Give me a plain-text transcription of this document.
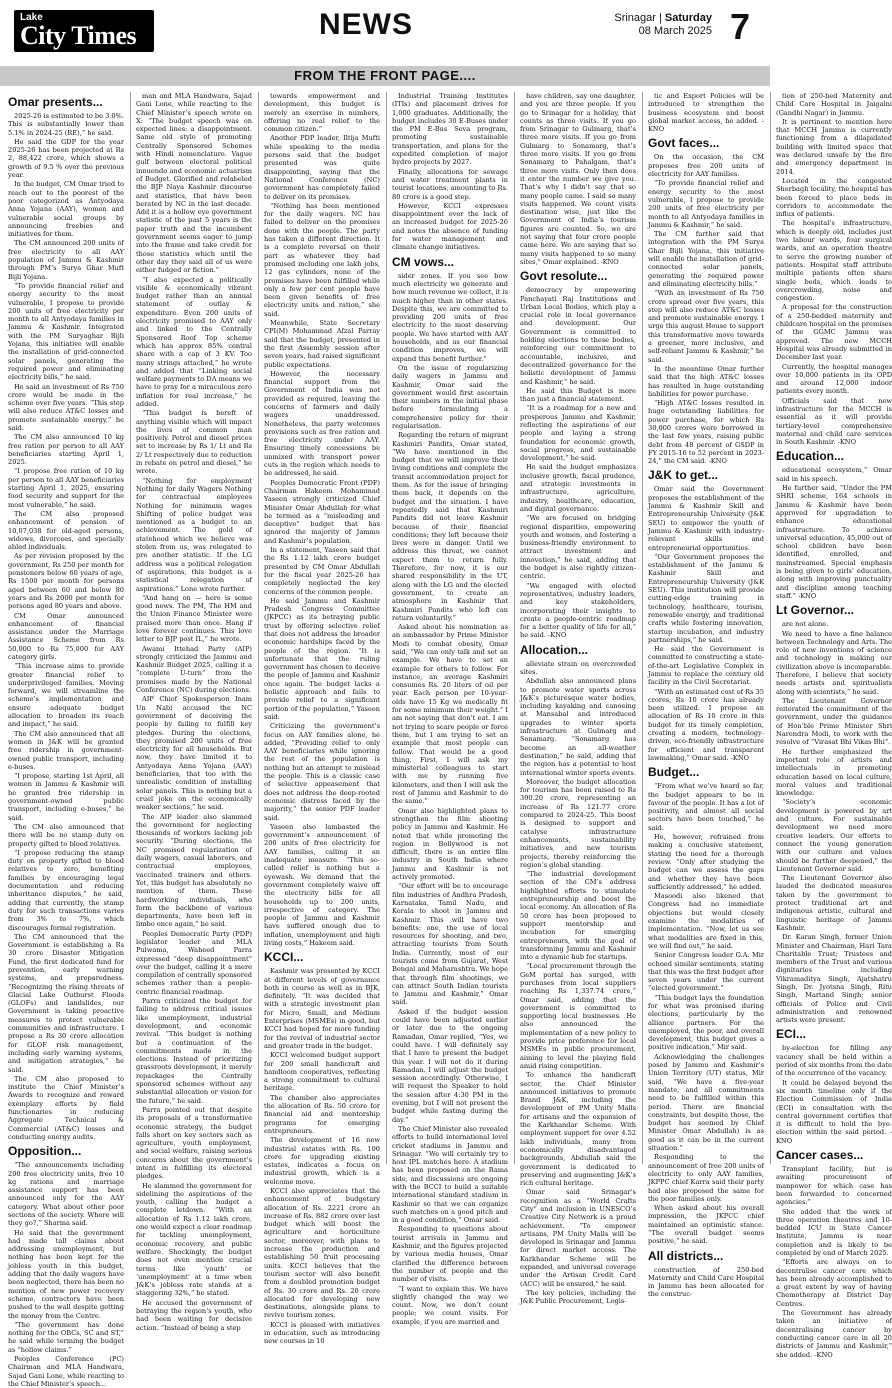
Lake
City Times	NEWS	Srinagar | Saturday
08 March 2025 7
FROM THE FRONT PAGE....
Omar presents...

2025-26 is estimated to be 3.0%. This is substantially lower than 5.1% in 2024-25 (RE),” he said.

He said the GDP for the year 2025-26 has been projected at Rs 2, 88,422 crore, which shows a growth of 9.5 % over the previous year.

In the budget, CM Omar tried to reach out to the poorest of the poor categorized as Antyodaya Anna Yojana (AAY), women and vulnerable social groups by announcing freebies and initiatives for them.

The CM announced 200 units of free electricity to all AAY population of Jammu & Kashmir through PM’s Surya Ghar Muft Bijli Yojana.

“To provide financial relief and energy security to the most vulnerable, I propose to provide 200 units of free electricity per month to all Antyodaya families in Jammu & Kashmir. Integrated with the PM Suryaghar Bijli Yojana, this initiative will enable the installation of grid-connected solar panels, generating the required power and eliminating electricity bills,” he said.

He said an investment of Rs 750 crore would be made in the scheme over five years. “This step will also reduce AT&C losses and promote sustainable energy,” he said.

The CM also announced 10 kg free ration per person to all AAY beneficiaries starting April 1, 2025.

“I propose free ration of 10 kg per person to all AAY beneficiaries starting April 1, 2025, ensuring food security and support for the most vulnerable,” he said.

The CM also proposed enhancement of pension of 10,07,038 for old-aged persons, widows, divorcees, and specially abled individuals.

As per revision proposed by the government, Rs 250 per month for pensioners below 60 years of age, Rs 1500 per month for persons aged between 60 and below 80 years and Rs 2000 per month for persons aged 80 years and above.

CM Omar announced enhancement of financial assistance under the Marriage Assistance Scheme from Rs 50,000 to Rs 75,000 for AAY category girls.

“This increase aims to provide greater financial relief to underprivileged families. Moving forward, we will streamline the scheme’s implementation and ensure adequate budget allocation to broaden its reach and impact,” he said.

The CM also announced that all women in J&K will be granted free ridership in government-owned public transport, including e-buses.

“I propose, starting 1st April, all women in Jammu & Kashmir will be granted free ridership in government-owned public transport, including e-buses,” he said.

The CM also announced that there will be no stamp duty on property gifted to blood relatives.

“I propose reducing the stamp duty on property gifted to blood relatives to zero, benefiting families by encouraging legal documentation and reducing inheritance disputes,” he said, adding that currently, the stamp duty for such transactions varies from 3% to 7%, which discourages formal registration.

The CM announced that the Government is establishing a Rs 30 crore Disaster Mitigation Fund, the first dedicated fund for prevention, early warning systems, and preparedness. “Recognizing the rising threats of Glacial Lake Outburst Floods (GLOFs) and landslides, our Government is taking proactive measures to protect vulnerable communities and infrastructure. I propose a Rs 30 crore allocation for GLOF risk management, including early warning systems, and mitigation strategies,” he said.

The CM also proposed to institute the Chief Minister’s Awards to recognize and reward exemplary efforts by field functionaries in reducing Aggregate Technical & Commercial (AT&C) losses and conducting energy audits.

Opposition...

“The announcements including 200 free electricity units, free 10 kg rations and marriage assistance support has been announced only for the AAY category. What about other poor sections of the society. Where will they go?,” Sharma said.

He said that the government had made tall claims about addressing unemployment, but nothing has been kept for the jobless youth in this budget, adding that the daily wagers have been neglected, there has been no mention of new power recovery scheme, contractors have been pushed to the wall despite getting the money from the Centre.

“The government has done nothing for the OBCs, SC and ST,” he said while terming the budget as “hollow claims.”

Peoples Conference (PC) Chairman and MLA Handwara, Sajad Gani Lone, while reacting to the Chief Minister’s speech...

man and MLA Handwara, Sajad Gani Lone, while reacting to the Chief Minister’s speech wrote on X: “The budget speech was on expected lines: a disappointment. Same old style of promoting Centrally Sponsored Schemes with Hindi nomenclature. Vague gulf between electoral political innuendo and economic actuarism of Budget. Glorified and relabeled the BJP Naya Kashmir discourse and statistics, that have been berated by NC in the last decade. Add it is a hollow eye government statistic of the past 5 years is the paper truth and the incumbent government seems eager to jump into the frame and take credit for those statistics which until the other day they said all of us were either fudged or fiction.”

“I also expected a politically visible & economically vibrant budget rather than an annual statement of outlay & expenditure. Even 200 units of electricity promised to AAY only and linked to the Centrally Sponsored Roof Top scheme which has approx 85% central share with a cap of 3 KV. Too many strings attached,” he wrote and added that “Linking social welfare payments to DA means we have to pray for a miraculous zero inflation for real increase,” he added.

“This budget is bereft of anything visible which will impact the lives of common man positively. Petrol and diesel prices set to increase by Rs 1/ Lt and Rs 2/ Lt respectively due to reduction in rebate on petrol and diesel,” he wrote.

“Nothing for employment Nothing for daily Wagers Nothing for contractual employees Nothing for minimum wages Shifting of police budget was mentioned as a budget to an achievement. The gold of statehood which we believe was stolen from us, was relegated to pre another statistic. If the LG address was a political relegation of aspirations, this budget is a statistical relegation of aspirations.” Lone wrote further.

“And hang on — here is some good news. The PM, The HM and the Union Finance Minister were praised more than once. Hang if love forever continues. This love letter to BJP post IL,” he wrote.

Awami Ittehad Party (AIP) strongly criticized the Jammu and Kashmir Budget 2025, calling it a “complete U-turn” from the promises made by the National Conference (NC) during elections.

AIP Chief Spokesperson Inam Un Nabi accused the NC government of deceiving the people by failing to fulfill key pledges. During the elections, they promised 200 units of free electricity for all households. But now, they have limited it to Antyodaya Anna Yojana (AAY) beneficiaries, that too with the unrealistic condition of installing solar panels. This is nothing but a cruel joke on the economically weaker sections,” he said.

The AIP leader also slammed the government for neglecting thousands of workers lacking job security. “During elections, the NC promised regularization of daily wagers, casual laborers, and contractual employees, vaccinated trainers and others. Yet, this budget has absolutely no mention of them. These hardworking individuals, who form the backbone of various departments, have been left in limbo once again,” he said.

Peoples Democratic Party (PDP) legislator leader and MLA Pulwama, Waheed Parra expressed “deep disappointment” over the budget, calling it a mere compilation of centrally sponsored schemes rather than a people-centric financial roadmap.

Parra criticized the budget for failing to address critical issues like unemployment, industrial development, and economic revival. “This budget is nothing but a continuation of the commitments made in the elections. Instead of prioritizing grassroots development, it merely repackages the Centrally sponsored schemes without any substantial allocation or vision for the future,” he said.

Parra pointed out that despite its proposals of a transformative economic strategy, the budget falls short on key sectors such as agriculture, youth employment, and social welfare, raising serious concerns about the government’s intent in fulfilling its electoral pledges.

He slammed the government for sidelining the aspirations of the youth, calling the budget a complete letdown. “With an allocation of Rs 1.12 lakh crore, one would expect a clear roadmap for tackling unemployment, economic recovery, and public welfare. Shockingly, the budget does not even mention crucial terms like ‘youth’ or ‘unemployment’ at a time when J&K’s jobless rate stands at a staggering 32%,” he stated.

He accused the government of betraying the region’s youth, who had been waiting for decisive action. “Instead of being a step

towards empowerment and development, this budget is merely an exercise in numbers, offering no real relief to the common citizen.”

Another PDP leader, Iltija Mufti while speaking to the media persons said that the budget presented was quite disappointing, saying that the National Conference (NC) government has completely failed to deliver on its promises.

“Nothing has been mentioned for the daily wagers. NC has failed to deliver on the promises done with the people. The party has taken a different direction. It is a complete reversal on their part as whatever they had promised including one lakh jobs, 12 gas cylinders, none of the promises have been fulfilled while only a few per cent people have been given benefits of free electricity units and ration,” she said.

Meanwhile, State Secretary CPI(M) Mohammad Afzal Parray said that the budget, presented in the first Assembly session after seven years, had raised significant public expectations.

However, the necessary financial support from the Government of India was not provided as required, leaving the concerns of farmers and daily wagers unaddressed. Nonetheless, the party welcomes provisions such as free ration and free electricity under AAY. Ensuring timely concessions be unmixed with transport power cuts in the region which needs to be addressed, he said.

Peoples Democratic Front (PDF) Chairman Hakeem Mohammad Yaseen strongly criticized Chief Minister Omar Abdullah for what he termed as a “misleading and deceptive” budget that has ignored the majority of Jammu and Kashmir’s population.

In a statement, Yaseen said that the Rs 1.12 lakh crore budget presented by CM Omar Abdullah for the fiscal year 2025-26 has completely neglected the key concerns of the common people.

He said Jammu and Kashmir Pradesh Congress Committee (JKPCC) as its betraying public trust by offering selective relief that does not address the broader economic hardships faced by the people of the region. “It is unfortunate that the ruling government has chosen to deceive the people of Jammu and Kashmir once again. The budget lacks a holistic approach and fails to provide relief to a significant portion of the population,” Yaseen said.

Criticizing the government’s focus on AAY families alone, he added, “Providing relief to only AAY beneficiaries while ignoring the rest of the population is nothing but an attempt to mislead the people. This is a classic case of selective appeasement that does not address the deep-rooted economic distress faced by the majority,” the senior PDF leader said.

Yaseen also lambasted the government’s announcement of 200 units of free electricity for AAY families, calling it an inadequate measure. “This so-called relief is nothing but a eyewash. We demand that the government completely waive off the electricity bills for all households up to 200 units, irrespective of category. The people of Jammu and Kashmir have suffered enough due to inflation, unemployment and high living costs,” Hakeem said.

KCCI...

Kashmir was presented by KCCI at different levels of governance both in course as well as in BJK, definitely. “It was decided that with a strategic investment plan for Micro, Small, and Medium Enterprises (MSMEs) in good, but KCCI had hoped for more funding for the revival of industrial sector and greater trade in the budget.

KCCI welcomed budget support for 200 small handicraft and handloom cooperatives, reflecting a strong commitment to cultural heritage.

The chamber also appreciates the allocation of Rs. 50 crore for financial aid and mentorship programs for emerging entrepreneurs.

The development of 16 new industrial estates with Rs. 100 crore for upgrading existing estates, indicates a focus on industrial growth, which is a welcome move.

KCCI also appreciates that the enhancement of budgetary allocation of Rs. 2221 crore an increase of Rs. 882 crore over last budget which will boost the agriculture and horticulture sector, moreover, with plans to increase the production and establishing 50 fruit processing units. KCCI believes that the tourism sector will also benefit from a doubled promotion budget of Rs. 30 crore and Rs. 20 crore allocated for developing new destinations, alongside plans to revive tourism zones.

KCCI is pleased with initiatives in education, such as introducing new courses in 10

Industrial Training Institutes (ITIs) and placement drives for 1,000 graduates. Additionally, the budget includes 30 E-Buses under the PM E-Bus Seva program, promoting sustainable transportation, and plans for the expedited completion of major hydro projects by 2027.

Finally, allocations for sewage and water treatment plants in tourist locations, amounting to Rs. 80 crore is a good step.

However, KCCI expresses disappointment over the lack of an increased budget for 2025-26 and notes the absence of funding for water management and climate change initiatives.

CM vows...

sider zones. If you see how much electricity we generate and how much revenue we collect, it is much higher than in other states. Despite this, we are committed to providing 200 units of free electricity to the most deserving people. We have started with AAY households, and as our financial condition improves, we will expand this benefit further.”

On the issue of regularizing daily wagers in Jammu and Kashmir, Omar said the government would first ascertain their numbers in the initial phase before formulating a comprehensive policy for their regularisation.

Regarding the return of migrant Kashmiri Pandits, Omar stated, “We have mentioned in the budget that we will improve their living conditions and complete the transit accommodation project for them. As for the issue of bringing them back, it depends on the budget and the situation. I have repeatedly said that Kashmiri Pandits did not leave Kashmir because of their financial conditions; they left because their lives were in danger. Until we address this threat, we cannot expect them to return fully. Therefore, for now, it is our shared responsibility in the UT, along with the LG and the elected government, to create an atmosphere in Kashmir that Kashmiri Pandits who left can return voluntarily.”

Asked about his nomination as an ambassador by Prime Minister Modi to combat obesity, Omar said, “We can only talk and set an example. We have to set an example for others to follow. For instance, an average Kashmiri consumes Rs. 20 liters of oil per year. Each person per 10-year-olds have 15 Kg we medically fit for some minimum their weight.” I am not saying that don’t eat. I am not trying to scare people or force them, but I am trying to set an example that most people can follow. That would be a good thing. First, I will ask my ministerial colleagues to start with me by running five kilometers, and then I will ask the rest of Jammu and Kashmir to do the same.”

Omar also highlighted plans to strengthen the film shooting policy in Jammu and Kashmir. He noted that while promoting the region in Bollywood is not difficult, there is an entire film industry in South India where Jammu and Kashmir is not actively promoted.

“Our effort will be to encourage film industries of Andhra Pradesh, Karnataka, Tamil Nadu, and Kerala to shoot in Jammu and Kashmir. This will have two benefits: one, the use of local resources for shooting, and two, attracting tourists from South India. Currently, most of our tourists come from Gujarat, West Bengal and Maharashtra. We hope that through film shootings, we can attract South Indian tourists to Jammu and Kashmir,” Omar said.

Asked if the budget session could have been adjusted earlier or later due to the ongoing Ramadan, Omar replied, “Yes, we could have. I will definitely say that I have to present the budget this year. I will not do it during Ramadan. I will adjust the budget session accordingly. Otherwise, I will request the Speaker to hold the session after 4:30 PM in the evening, but I will not present the budget while fasting during the day.”

The Chief Minister also revealed efforts to build international level cricket stadiums in Jammu and Srinagar. “We will certainly try to host IPL matches here. A stadium has been proposed on the Rama side, and discussions are ongoing with the BCCI to build a suitable international standard stadium in Kashmir so that we can organize such matches on a good pitch and in a good condition,” Omar said.

Responding to questions about tourist arrivals in Jammu and Kashmir, and the figures projected by various media houses, Omar clarified the difference between the number of people and the number of visits.

“I want to explain this. We have slightly changed the way we count. Now, we don’t count people; we count visits. For example, if you are married and

have children, say one daughter, and you are three people. If you go to Srinagar for a holiday, that counts as three visits. If you go from Srinagar to Gulmarg, that’s three more visits. If you go from Gulmarg to Sonamarg, that’s three more visits. If you go from Sonamarg to Pahalgam, that’s three more visits. Only then does it enter the number we give you. That’s why I didn’t say that so many people came. I said so many visits happened. We count visits destination wise, just like the Government of India’s tourism figures are counted. So, we are not saying that four crore people came here. We are saying that so many visits happened to so many sites,” Omar explained. -KNO

Govt resolute...

democracy by empowering Panchayati Raj Institutions and Urban Local Bodies, which play a crucial role in local governance and development. Our Government is committed to holding elections to these bodies, reinforcing our commitment to accountable, inclusive, and decentralized governance for the holistic development of Jammu and Kashmir,” he said.

He said this Budget is more than just a financial statement.

“It is a roadmap for a new and prosperous Jammu and Kashmir, reflecting the aspirations of our people and laying a strong foundation for economic growth, social progress, and sustainable development,” he said.

He said the budget emphasizes inclusive growth, fiscal prudence, and strategic investments in infrastructure, agriculture, industry, healthcare, education, and digital governance.

“We are focused on bridging regional disparities, empowering youth and women, and fostering a business-friendly environment to attract investment and innovation,” he said, adding that the budget is also rightly citizen-centric.

“We engaged with elected representatives, industry leaders, and key stakeholders, incorporating their insights to create a people-centric roadmap for a better quality of life for all,” he said. -KNO

Allocation...

alleviate strain on overcrowded sites.

Abdullah also announced plans to promote water sports across J&K’s picturesque water bodies, including kayaking and canoeing at Mansabal and introduced upgrades to winter sports infrastructure at Gulmarg and Sonamarg. “Sonamarg has become an all-weather destination,” he said, adding that the region has a potential to host international winter sports events.

Moreover, the budget allocation for tourism has been raised to Rs 390.20 crore, representing an increase of Rs 121.77 crore compared to 2024-25. This boost is designed to support and catalyse infrastructure enhancements, sustainability initiatives, and new tourism projects, thereby reinforcing the region’s global standing.

“The industrial development section of the CM’s address highlighted efforts to stimulate entrepreneurship and boost the local economy. An allocation of Rs 50 crore has been proposed to support mentorship and incubation for emerging entrepreneurs, with the goal of transforming Jammu and Kashmir into a dynamic hub for startups.

“Local procurement through the GeM portal has surged, with purchases from local suppliers reaching Rs 1,337.74 crore,” Omar said, adding that the government is committed to supporting local businesses. He also announced the implementation of a new policy to provide price preference for local MSMEs in public procurement, aiming to level the playing field amid rising competition.

To enhance the handicraft sector, the Chief Minister announced initiatives to promote Brand J&K, including the development of PM Unity Malls for artisans and the expansion of the Karkhandar Scheme. With employment support for over 4.52 lakh individuals, many from economically disadvantaged backgrounds, Abdullah said the government is dedicated to preserving and augmenting J&K’s rich cultural heritage.

Omar said Srinagar’s recognition as a “World Crafts City” and inclusion in UNESCO’s Creative City Network is a proud achievement. “To empower artisans, PM Unity Malls will be developed in Srinagar and Jammu for direct market access. The Karkhandar Scheme will be expanded, and universal coverage under the Artisan Credit Card (ACC) will be ensured,” he said.

The key policies, including the J&K Public Procurement, Logis-

tic and Export Policies will be introduced to strengthen the business ecosystem and boost global market access, he added. -KNO

Govt faces...

On the occasion, the CM proposes free 200 units of electricity for AAY families.

“To provide financial relief and energy security to the most vulnerable, I propose to provide 200 units of free electricity per month to all Antyodaya families in Jammu & Kashmir,” he said.

The CM further said that integration with the PM Surya Ghar Bijli Yojana, this initiative will enable the installation of grid-connected solar panels, generating the required power and eliminating electricity bills.”

“With an investment of Rs 750 crore spread over five years, this step will also reduce AT&C losses and promote sustainable energy. I urge this august House to support this transformative move towards a greener, more inclusive, and self-reliant Jammu & Kashmir,” he said.

In the meantime Omar further said that the high AT&C losses has resulted in huge outstanding liabilities for power purchase.

“High AT&C losses resulted in huge outstanding liabilities for power purchase, for which Rs 30,000 crores were borrowed in the last few years, raising public debt from 48 percent of GSDP in FY 2015-16 to 52 percent in 2023-24,” the CM said. -KNO

J&K to get...

Omar said the Government proposes the establishment of the Jammu & Kashmir Skill and Entrepreneurship University (J&K SEU) to empower the youth of Jammu & Kashmir with industry-relevant skills and entrepreneurial opportunities.

“Our Government proposes the establishment of the Jammu & Kashmir Skill and Entrepreneurship University (J&K SEU). This institution will provide cutting-edge training in technology, healthcare, tourism, renewable energy, and traditional crafts while fostering innovation, startup incubation, and industry partnerships,” he said.

He said the Government is committed to constructing a state-of-the-art Legislative Complex in Jammu to replace the century old facility in the Civil Secretariat.

“With an estimated cost of Rs 35 crores, Rs 10 crore has already been utilized. I propose an allocation of Rs 10 crore in this budget for its timely completion, creating a modern, technology-driven, eco-friendly infrastructure for efficient and transparent lawmaking,” Omar said. -KNO

Budget...

“From what we’ve heard so far, the budget appears to be in favour of the people. It has a lot of positivity, and almost all social sectors have been touched,” he said.

He, however, refrained from making a conclusive statement, stating the need for a thorough review. “Only after studying the budget can we assess the gaps and whether they have been sufficiently addressed,” he added.

Masoodi also likened that Congress had no immediate objections but would closely examine the modalities of implementation. “Now, let us see what modalities are fixed in this, we will find out,” he said.

Senior Congress leader G.A. Mir echoed similar sentiments, stating that this was the first budget after seven years under the current “elected government.”

“This budget lays the foundation for what was promised during elections, particularly by the alliance partners. For the unemployed, the poor, and overall development, this budget gives a positive indication,” Mir said.

Acknowledging the challenges posed by Jammu and Kashmir’s Union Territory (UT) status, Mir said, “We have a five-year mandate, and all commitments need to be fulfilled within this period. There are financial constraints, but despite those, the budget has seemed by Chief Minister Omar Abdullah) is as good as it can be in the current situation.”

Responding to the announcement of free 200 units of electricity to only AAY families, JKPPC chief Karra said their party had also proposed the same for the poor families only.

When asked about his overall impression, the JKPCC chief maintained an optimistic stance. “The overall budget seems positive,” he said.

All districts...

construction of 250-bed Maternity and Child Care Hospital in Jammu has been allocated for the construc-

tion of 250-bed Maternity and Child Care Hospital in Jaigalni (Gandhi Nagar) in Jammu.

It is pertinent to mention here that MCCH Jammu is currently functioning from a dilapidated building with limited space that was declared unsafe by the fire and emergency department in 2014.

Located in the congested Sherbagh locality, the hospital has been forced to place beds in corridors to accommodate the influx of patients.

The hospital’s infrastructure, which is deeply old, includes just two labour wards, four surgical wards, and an operation theatre to serve the growing number of patients. Hospital staff attribute multiple patients often share single beds, which leads to overcrowding, noise and congestion.

A proposal for the construction of a 250-bedded maternity and childcare hospital on the premises of the GGMC Jammu was approved. The new MCCH Hospital was already submitted in December last year.

Currently, the hospital manages over 10,000 patients in its OPD and around 12,000 indoor patients every month.

Officials said that new infrastructure for the MCCH is essential as it will provide tertiary-level comprehensive maternal and child care services in South Kashmir. -KNO

Education...

educational ecosystem,” Omar said in his speech.

He further said, “Under the PM SHRI scheme, 164 schools in Jammu & Kashmir have been approved for upgradation to enhance educational infrastructure. To achieve universal education, 45,000 out of school children have been identified, enrolled, and mainstreamed. Special emphasis is being given to girls’ education, along with improving punctuality and discipline among teaching staff.” -KNO

Lt Governor...

are not alone.

We need to have a fine balance between Technology and Arts. The role of new inventions of science and technology in making our civilization above is incomparable. Therefore, I believe that society needs artists and spiritualists along with scientists,” he said.

The Lieutenant Governor reiterated the commitment of the government, under the guidance of Hon’ble Prime Minister Shri Narendra Modi, to work with the resolve of “Virasat Bhi Vikas Bhi”.

He further emphasized the important role of artists and intellectuals in promoting education based on local culture, moral values and traditional knowledge.

“Society’s economic development is powered by art and culture. For sustainable development we need more creative leaders. Our efforts to connect the young generation with our culture and values should be further deepened,” the Lieutenant Governor said.

The Lieutenant Governor also lauded the dedicated measures taken by the government to protect traditional art and indigenous artistic, cultural and linguistic heritage of Jammu Kashmir.

Dr. Karan Singh, former Union Minister and Chairman, Hari Tara Charitable Trust; Trustees and members of the Trust and various dignitaries including Vikramaditya Singh, Ajatshatru Singh, Dr. Jyotsna Singh, Ritu Singh, Martand Singh; senior officials of Police and Civil administration and renowned artists were present.

ECI...

by-election for filling any vacancy shall be held within a period of six months from the date of the occurrence of the vacancy.

It could be delayed beyond the six month timeline only if the Election Commission of India (ECI) in consultation with the central government certifies that it is difficult to hold the bye-election within the said period. -KNO

Cancer cases...

Transplant facility, but is awaiting procurement of manpower for which case has been forwarded to concerned agencies.”

She added that the work of three operation theatres and 10-bedded ICU in State Cancer Institute, Jammu is near completion and is likely to be completed by end of March 2025.

“Efforts are always on to decentralise cancer care which has been already accomplished to a great extent by way of having Chemotherapy at District Day Centres.

The Government has already taken an initiative of decentralising cancer by conducting cancer care in all 20 districts of Jammu and Kashmir,” she added. -KNO
